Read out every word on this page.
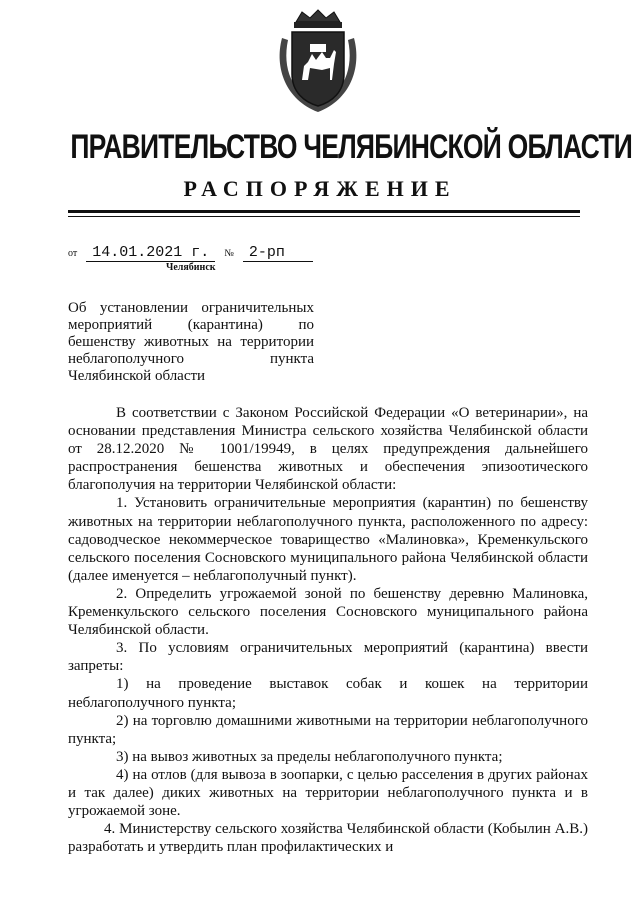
ПРАВИТЕЛЬСТВО ЧЕЛЯБИНСКОЙ ОБЛАСТИ
РАСПОРЯЖЕНИЕ
от 14.01.2021 г. № 2-рп
Челябинск
Об установлении ограничительных мероприятий (карантина) по бешенству животных на территории неблагополучного пункта Челябинской области

В соответствии с Законом Российской Федерации «О ветеринарии», на основании представления Министра сельского хозяйства Челябинской области от 28.12.2020 № 1001/19949, в целях предупреждения дальнейшего распространения бешенства животных и обеспечения эпизоотического благополучия на территории Челябинской области:

1. Установить ограничительные мероприятия (карантин) по бешенству животных на территории неблагополучного пункта, расположенного по адресу: садоводческое некоммерческое товарищество «Малиновка», Кременкульского сельского поселения Сосновского муниципального района Челябинской области (далее именуется – неблагополучный пункт).

2. Определить угрожаемой зоной по бешенству деревню Малиновка, Кременкульского сельского поселения Сосновского муниципального района Челябинской области.

3. По условиям ограничительных мероприятий (карантина) ввести запреты:

1) на проведение выставок собак и кошек на территории неблагополучного пункта;

2) на торговлю домашними животными на территории неблагополучного пункта;

3) на вывоз животных за пределы неблагополучного пункта;

4) на отлов (для вывоза в зоопарки, с целью расселения в других районах и так далее) диких животных на территории неблагополучного пункта и в угрожаемой зоне.

4. Министерству сельского хозяйства Челябинской области (Кобылин А.В.) разработать и утвердить план профилактических и
